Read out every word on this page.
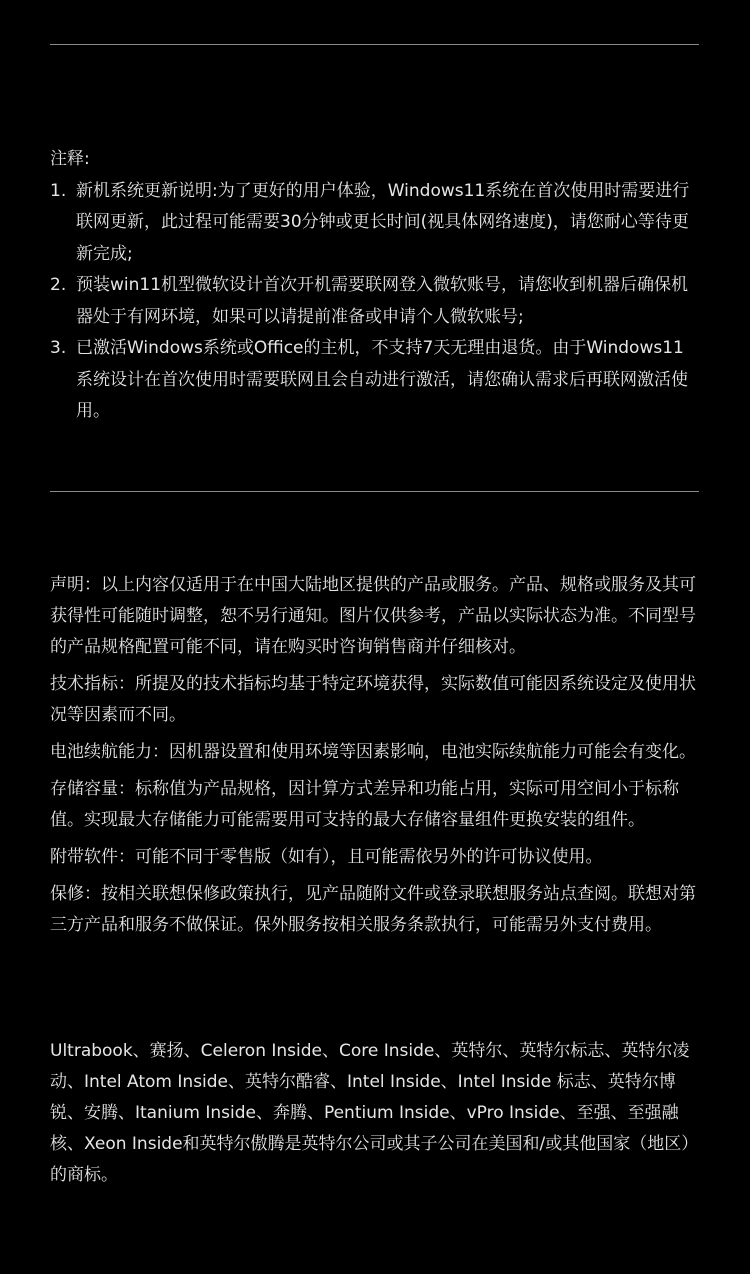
注释:

1. 新机系统更新说明:为了更好的用户体验，Windows11系统在首次使用时需要进行联网更新，此过程可能需要30分钟或更长时间(视具体网络速度)，请您耐心等待更新完成;
2. 预装win11机型微软设计首次开机需要联网登入微软账号，请您收到机器后确保机器处于有网环境，如果可以请提前准备或申请个人微软账号;
3. 已激活Windows系统或Office的主机，不支持7天无理由退货。由于Windows11系统设计在首次使用时需要联网且会自动进行激活，请您确认需求后再联网激活使用。

声明：以上内容仅适用于在中国大陆地区提供的产品或服务。产品、规格或服务及其可获得性可能随时调整，恕不另行通知。图片仅供参考，产品以实际状态为准。不同型号的产品规格配置可能不同，请在购买时咨询销售商并仔细核对。

技术指标：所提及的技术指标均基于特定环境获得，实际数值可能因系统设定及使用状况等因素而不同。

电池续航能力：因机器设置和使用环境等因素影响，电池实际续航能力可能会有变化。

存储容量：标称值为产品规格，因计算方式差异和功能占用，实际可用空间小于标称值。实现最大存储能力可能需要用可支持的最大存储容量组件更换安装的组件。

附带软件：可能不同于零售版（如有），且可能需依另外的许可协议使用。

保修：按相关联想保修政策执行，见产品随附文件或登录联想服务站点查阅。联想对第三方产品和服务不做保证。保外服务按相关服务条款执行，可能需另外支付费用。

Ultrabook、赛扬、Celeron Inside、Core Inside、英特尔、英特尔标志、英特尔凌动、Intel Atom Inside、英特尔酷睿、Intel Inside、Intel Inside 标志、英特尔博锐、安腾、Itanium Inside、奔腾、Pentium Inside、vPro Inside、至强、至强融核、Xeon Inside和英特尔傲腾是英特尔公司或其子公司在美国和/或其他国家（地区）的商标。
